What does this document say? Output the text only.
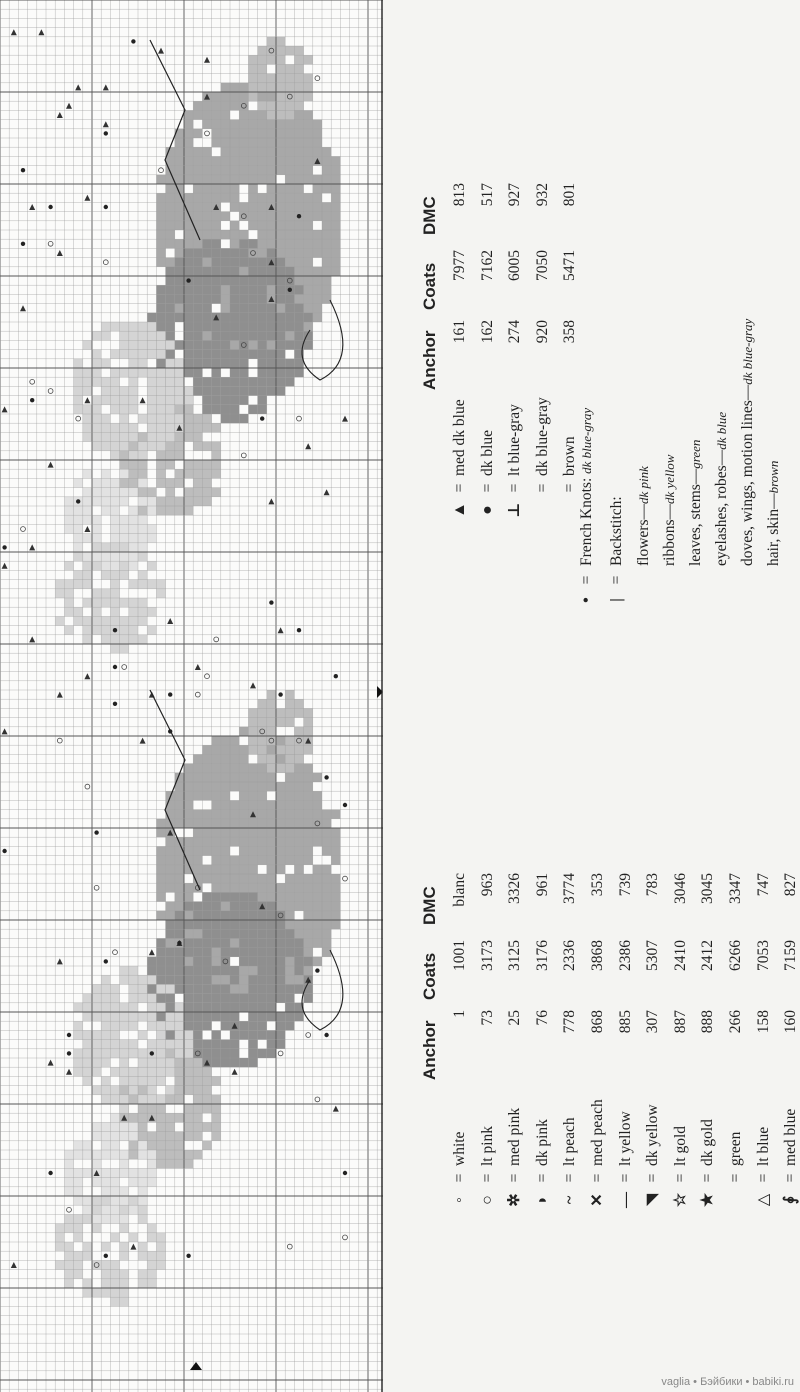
Anchor
Coats
DMC
◦
=
white
1
1001
blanc
○
=
lt pink
73
3173
963
✲
=
med pink
25
3125
3326
◗
=
dk pink
76
3176
961
~
=
lt peach
778
2336
3774
✕
=
med peach
868
3868
353
—
=
lt yellow
885
2386
739
◥
=
dk yellow
307
5307
783
☆
=
lt gold
887
2410
3046
★
=
dk gold
888
2412
3045
=
green
266
6266
3347
△
=
lt blue
158
7053
747
∮
=
med blue
160
7159
827
Anchor
Coats
DMC
▲
=
med dk blue
161
7977
813
●
=
dk blue
162
7162
517
⊥
=
lt blue-gray
274
6005
927
=
dk blue-gray
920
7050
932
=
brown
358
5471
801
•
=
French Knots: dk blue-gray
|
=
Backstitch: flowers—dk pink
ribbons—dk yellow leaves, stems—green eyelashes, robes—dk blue doves, wings, motion lines—dk blue-gray
hair, skin—brown
vaglia • Бэйбики • babiki.ru
